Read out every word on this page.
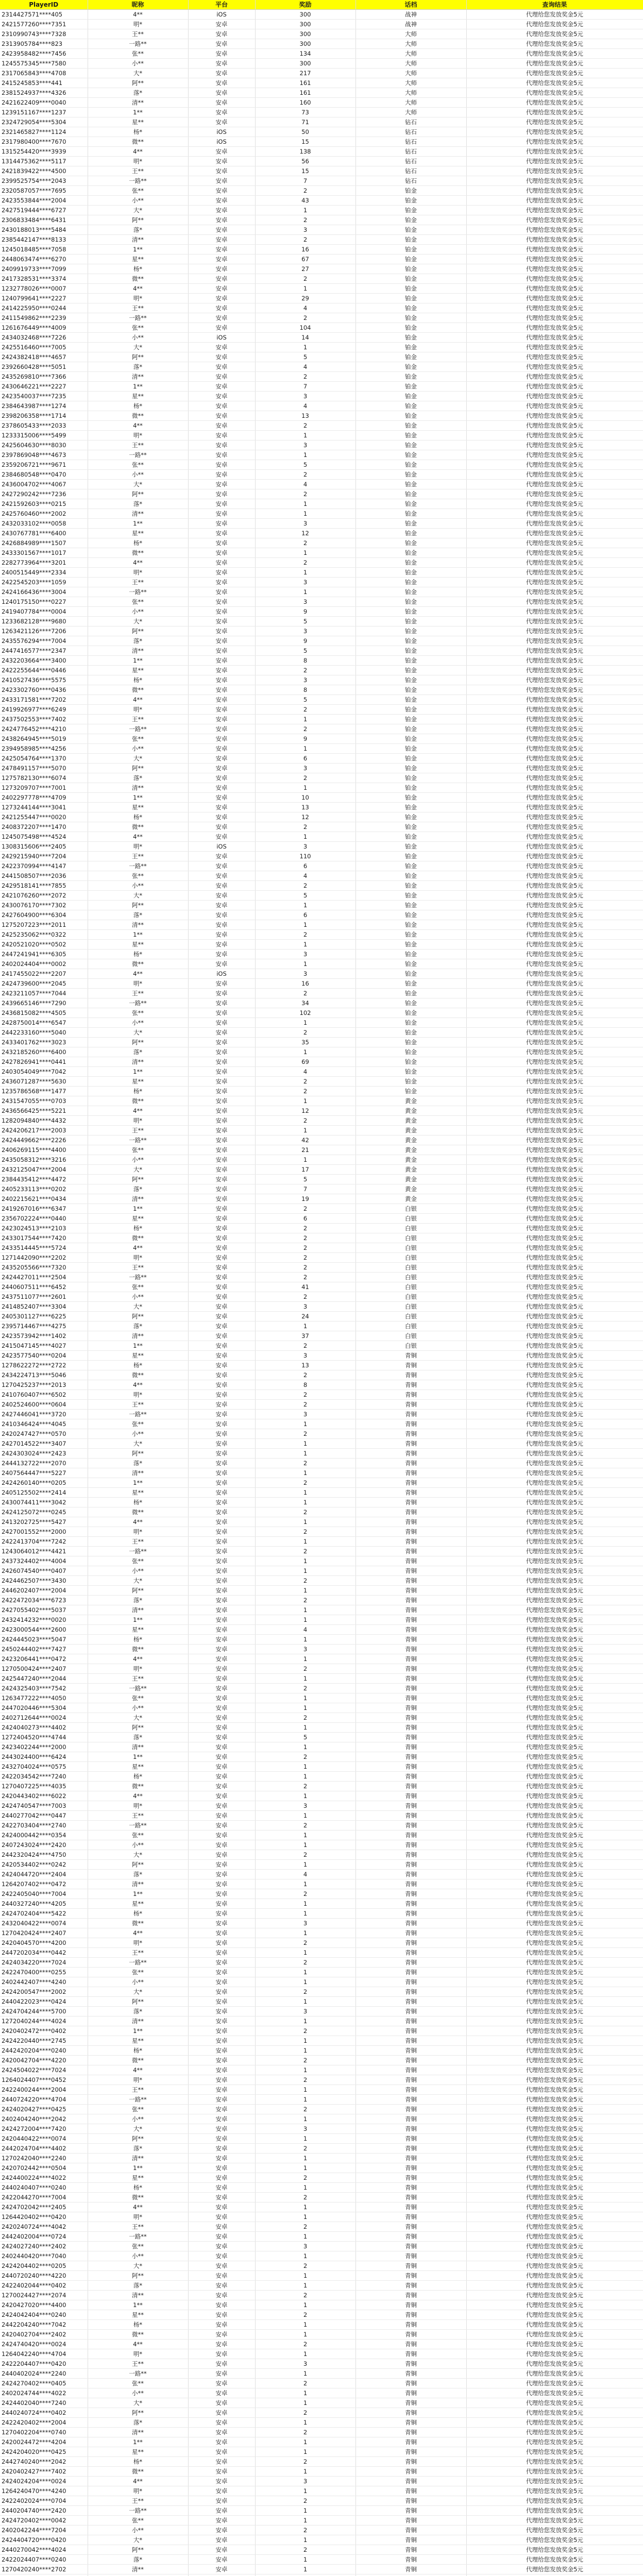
PlayerID	昵称	平台	奖励	话档	查询结果
2314427571****405	4**	iOS	300	战神	代理给您发放奖金5元
2421577260****7351	明*	安卓	300	战神	代理给您发放奖金5元
2310990743****7328	王**	安卓	300	大师	代理给您发放奖金5元
2313905784****823	一路**	安卓	300	大师	代理给您发放奖金5元
2423958482****7456	张**	安卓	134	大师	代理给您发放奖金5元
1245575345****7580	小**	安卓	300	大师	代理给您发放奖金5元
2317065843****4708	大*	安卓	217	大师	代理给您发放奖金5元
2415245853****441	阿**	安卓	161	大师	代理给您发放奖金5元
2381524937****4326	落*	安卓	161	大师	代理给您发放奖金5元
2421622409****0040	清**	安卓	160	大师	代理给您发放奖金5元
1239151167****1237	1**	安卓	73	大师	代理给您发放奖金5元
2324729054****5304	星**	安卓	71	钻石	代理给您发放奖金5元
2321465827****1124	杨*	iOS	50	钻石	代理给您发放奖金5元
2317980400****7670	微**	iOS	15	钻石	代理给您发放奖金5元
1315254420****3939	4**	安卓	138	钻石	代理给您发放奖金5元
1314475362****5117	明*	安卓	56	钻石	代理给您发放奖金5元
2421839422****4500	王**	安卓	15	钻石	代理给您发放奖金5元
2399525754****2043	一路**	安卓	7	钻石	代理给您发放奖金5元
2320587057****7695	张**	安卓	2	铂金	代理给您发放奖金5元
2423553844****2004	小**	安卓	43	铂金	代理给您发放奖金5元
2427519444****6727	大*	安卓	1	铂金	代理给您发放奖金5元
2306833484****6431	阿**	安卓	2	铂金	代理给您发放奖金5元
2430188013****5484	落*	安卓	3	铂金	代理给您发放奖金5元
2385442147****8133	清**	安卓	2	铂金	代理给您发放奖金5元
1245018485****7058	1**	安卓	16	铂金	代理给您发放奖金5元
2448063474****6270	星**	安卓	67	铂金	代理给您发放奖金5元
2409919733****7099	杨*	安卓	27	铂金	代理给您发放奖金5元
2417328531****3374	微**	安卓	2	铂金	代理给您发放奖金5元
1232778026****0007	4**	安卓	1	铂金	代理给您发放奖金5元
1240799641****2227	明*	安卓	29	铂金	代理给您发放奖金5元
2414225950****0244	王**	安卓	4	铂金	代理给您发放奖金5元
2411549862****2239	一路**	安卓	2	铂金	代理给您发放奖金5元
1261676449****4009	张**	安卓	104	铂金	代理给您发放奖金5元
2434032468****7226	小**	iOS	14	铂金	代理给您发放奖金5元
2425516460****7005	大*	安卓	1	铂金	代理给您发放奖金5元
2424382418****4657	阿**	安卓	5	铂金	代理给您发放奖金5元
2392660428****5051	落*	安卓	4	铂金	代理给您发放奖金5元
2435269810****7366	清**	安卓	2	铂金	代理给您发放奖金5元
2430646221****2227	1**	安卓	7	铂金	代理给您发放奖金5元
2423540037****7235	星**	安卓	3	铂金	代理给您发放奖金5元
2384643987****1274	杨*	安卓	4	铂金	代理给您发放奖金5元
2398206358****1714	微**	安卓	13	铂金	代理给您发放奖金5元
2378605433****2033	4**	安卓	2	铂金	代理给您发放奖金5元
1233315006****5499	明*	安卓	1	铂金	代理给您发放奖金5元
2425604630****8030	王**	安卓	3	铂金	代理给您发放奖金5元
2397869048****4673	一路**	安卓	1	铂金	代理给您发放奖金5元
2359206721****9671	张**	安卓	5	铂金	代理给您发放奖金5元
2384680548****0470	小**	安卓	2	铂金	代理给您发放奖金5元
2436004702****4067	大*	安卓	4	铂金	代理给您发放奖金5元
2427290242****7236	阿**	安卓	2	铂金	代理给您发放奖金5元
2421592603****0215	落*	安卓	1	铂金	代理给您发放奖金5元
2425760460****2002	清**	安卓	1	铂金	代理给您发放奖金5元
2432033102****0058	1**	安卓	3	铂金	代理给您发放奖金5元
2430767781****6400	星**	安卓	12	铂金	代理给您发放奖金5元
2426884989****1507	杨*	安卓	2	铂金	代理给您发放奖金5元
2433301567****1017	微**	安卓	1	铂金	代理给您发放奖金5元
2282773964****3201	4**	安卓	2	铂金	代理给您发放奖金5元
2400515449****2334	明*	安卓	1	铂金	代理给您发放奖金5元
2422545203****1059	王**	安卓	3	铂金	代理给您发放奖金5元
2424166436****3004	一路**	安卓	1	铂金	代理给您发放奖金5元
1240175150****0227	张**	安卓	3	铂金	代理给您发放奖金5元
2419407784****0004	小**	安卓	9	铂金	代理给您发放奖金5元
1233682128****9680	大*	安卓	5	铂金	代理给您发放奖金5元
1263421126****7206	阿**	安卓	3	铂金	代理给您发放奖金5元
2435576294****7004	落*	安卓	9	铂金	代理给您发放奖金5元
2447416577****2347	清**	安卓	5	铂金	代理给您发放奖金5元
2432203664****3400	1**	安卓	8	铂金	代理给您发放奖金5元
2422255644****0446	星**	安卓	2	铂金	代理给您发放奖金5元
2410527436****5575	杨*	安卓	3	铂金	代理给您发放奖金5元
2423302760****0436	微**	安卓	8	铂金	代理给您发放奖金5元
2433171581****7202	4**	安卓	5	铂金	代理给您发放奖金5元
2419926977****6249	明*	安卓	2	铂金	代理给您发放奖金5元
2437502553****7402	王**	安卓	1	铂金	代理给您发放奖金5元
2424776452****4210	一路**	安卓	2	铂金	代理给您发放奖金5元
2438264945****5019	张**	安卓	9	铂金	代理给您发放奖金5元
2394958985****4256	小**	安卓	1	铂金	代理给您发放奖金5元
2425054764****1370	大*	安卓	6	铂金	代理给您发放奖金5元
2478491157****5070	阿**	安卓	3	铂金	代理给您发放奖金5元
1275782130****6074	落*	安卓	2	铂金	代理给您发放奖金5元
1273209707****7001	清**	安卓	1	铂金	代理给您发放奖金5元
2402297778****4709	1**	安卓	10	铂金	代理给您发放奖金5元
1273244144****3041	星**	安卓	13	铂金	代理给您发放奖金5元
2421255447****0020	杨*	安卓	12	铂金	代理给您发放奖金5元
2408372207****1470	微**	安卓	2	铂金	代理给您发放奖金5元
1245075498****4524	4**	安卓	1	铂金	代理给您发放奖金5元
1308315606****2405	明*	iOS	3	铂金	代理给您发放奖金5元
2429215940****7204	王**	安卓	110	铂金	代理给您发放奖金5元
2422370994****4147	一路**	安卓	6	铂金	代理给您发放奖金5元
2441508507****2036	张**	安卓	4	铂金	代理给您发放奖金5元
2429518141****7855	小**	安卓	2	铂金	代理给您发放奖金5元
2421076260****2072	大*	安卓	5	铂金	代理给您发放奖金5元
2430076170****7302	阿**	安卓	1	铂金	代理给您发放奖金5元
2427604900****6304	落*	安卓	6	铂金	代理给您发放奖金5元
1275207223****2011	清**	安卓	1	铂金	代理给您发放奖金5元
2425235062****0322	1**	安卓	2	铂金	代理给您发放奖金5元
2420521020****0502	星**	安卓	1	铂金	代理给您发放奖金5元
2447241941****6305	杨*	安卓	3	铂金	代理给您发放奖金5元
2402024404****0002	微**	安卓	1	铂金	代理给您发放奖金5元
2417455022****2207	4**	iOS	3	铂金	代理给您发放奖金5元
2424739600****2045	明*	安卓	16	铂金	代理给您发放奖金5元
2423211057****7044	王**	安卓	2	铂金	代理给您发放奖金5元
2439665146****7290	一路**	安卓	34	铂金	代理给您发放奖金5元
2436815082****4505	张**	安卓	102	铂金	代理给您发放奖金5元
2428750014****6547	小**	安卓	1	铂金	代理给您发放奖金5元
2442233160****5040	大*	安卓	2	铂金	代理给您发放奖金5元
2433401762****3023	阿**	安卓	35	铂金	代理给您发放奖金5元
2432185260****6400	落*	安卓	1	铂金	代理给您发放奖金5元
2427826941****0441	清**	安卓	69	铂金	代理给您发放奖金5元
2403054049****7042	1**	安卓	4	铂金	代理给您发放奖金5元
2436071287****5630	星**	安卓	2	铂金	代理给您发放奖金5元
1235786568****1477	杨*	安卓	2	铂金	代理给您发放奖金5元
2431547055****0703	微**	安卓	1	黄金	代理给您发放奖金5元
2436566425****5221	4**	安卓	12	黄金	代理给您发放奖金5元
1282094840****4432	明*	安卓	2	黄金	代理给您发放奖金5元
2424206217****2003	王**	安卓	1	黄金	代理给您发放奖金5元
2424449662****2226	一路**	安卓	42	黄金	代理给您发放奖金5元
2406269115****4400	张**	安卓	21	黄金	代理给您发放奖金5元
2435058312****3216	小**	安卓	1	黄金	代理给您发放奖金5元
2432125047****2004	大*	安卓	17	黄金	代理给您发放奖金5元
2384435412****4472	阿**	安卓	5	黄金	代理给您发放奖金5元
2405233113****0202	落*	安卓	7	黄金	代理给您发放奖金5元
2402215621****0434	清**	安卓	19	黄金	代理给您发放奖金5元
2419267016****6347	1**	安卓	2	白银	代理给您发放奖金5元
2356702224****0440	星**	安卓	6	白银	代理给您发放奖金5元
2423024513****2103	杨*	安卓	2	白银	代理给您发放奖金5元
2433017544****7420	微**	安卓	2	白银	代理给您发放奖金5元
2433514445****5724	4**	安卓	2	白银	代理给您发放奖金5元
1271442090****2202	明*	安卓	2	白银	代理给您发放奖金5元
2435205566****7320	王**	安卓	2	白银	代理给您发放奖金5元
2424427011****2504	一路**	安卓	2	白银	代理给您发放奖金5元
2440607511****6452	张**	安卓	41	白银	代理给您发放奖金5元
2437511077****2601	小**	安卓	2	白银	代理给您发放奖金5元
2414852407****3304	大*	安卓	3	白银	代理给您发放奖金5元
2405301127****6225	阿**	安卓	24	白银	代理给您发放奖金5元
2395714467****4275	落*	安卓	1	白银	代理给您发放奖金5元
2423573942****1402	清**	安卓	37	白银	代理给您发放奖金5元
2415047145****4027	1**	安卓	2	白银	代理给您发放奖金5元
2423577540****0204	星**	安卓	3	青铜	代理给您发放奖金5元
1278622272****2722	杨*	安卓	13	青铜	代理给您发放奖金5元
2434224713****5046	微**	安卓	2	青铜	代理给您发放奖金5元
1270425237****2013	4**	安卓	8	青铜	代理给您发放奖金5元
2410760407****6502	明*	安卓	2	青铜	代理给您发放奖金5元
2402524600****0604	王**	安卓	2	青铜	代理给您发放奖金5元
2427446041****3720	一路**	安卓	3	青铜	代理给您发放奖金5元
2410346424****4045	张**	安卓	1	青铜	代理给您发放奖金5元
2420247427****0570	小**	安卓	2	青铜	代理给您发放奖金5元
2427014522****3407	大*	安卓	1	青铜	代理给您发放奖金5元
2424303024****2423	阿**	安卓	1	青铜	代理给您发放奖金5元
2444132722****2070	落*	安卓	2	青铜	代理给您发放奖金5元
2407564447****5227	清**	安卓	1	青铜	代理给您发放奖金5元
2424260140****0205	1**	安卓	2	青铜	代理给您发放奖金5元
2405125502****2414	星**	安卓	1	青铜	代理给您发放奖金5元
2430074411****3042	杨*	安卓	1	青铜	代理给您发放奖金5元
2424125072****0245	微**	安卓	2	青铜	代理给您发放奖金5元
2413202725****5427	4**	安卓	1	青铜	代理给您发放奖金5元
2427001552****2000	明*	安卓	2	青铜	代理给您发放奖金5元
2422413704****7242	王**	安卓	1	青铜	代理给您发放奖金5元
1243064012****4421	一路**	安卓	2	青铜	代理给您发放奖金5元
2437324402****4004	张**	安卓	1	青铜	代理给您发放奖金5元
2426074540****0407	小**	安卓	1	青铜	代理给您发放奖金5元
2424462507****3430	大*	安卓	2	青铜	代理给您发放奖金5元
2446202407****2004	阿**	安卓	1	青铜	代理给您发放奖金5元
2422472034****6723	落*	安卓	2	青铜	代理给您发放奖金5元
2427055402****5037	清**	安卓	1	青铜	代理给您发放奖金5元
2432414232****0020	1**	安卓	1	青铜	代理给您发放奖金5元
2423000544****2600	星**	安卓	4	青铜	代理给您发放奖金5元
2424445023****5047	杨*	安卓	1	青铜	代理给您发放奖金5元
2450244402****7427	微**	安卓	3	青铜	代理给您发放奖金5元
2423206441****0472	4**	安卓	1	青铜	代理给您发放奖金5元
1270500424****2407	明*	安卓	2	青铜	代理给您发放奖金5元
2425447240****2044	王**	安卓	1	青铜	代理给您发放奖金5元
2424325403****7542	一路**	安卓	2	青铜	代理给您发放奖金5元
1263477222****4050	张**	安卓	1	青铜	代理给您发放奖金5元
2447020446****5304	小**	安卓	1	青铜	代理给您发放奖金5元
2402712644****0024	大*	安卓	2	青铜	代理给您发放奖金5元
2424040273****4402	阿**	安卓	1	青铜	代理给您发放奖金5元
1272404520****4744	落*	安卓	5	青铜	代理给您发放奖金5元
2423402244****2000	清**	安卓	1	青铜	代理给您发放奖金5元
2443024400****6424	1**	安卓	2	青铜	代理给您发放奖金5元
2432704024****0575	星**	安卓	1	青铜	代理给您发放奖金5元
2422034542****7240	杨*	安卓	1	青铜	代理给您发放奖金5元
1270407225****4035	微**	安卓	2	青铜	代理给您发放奖金5元
2420443402****6022	4**	安卓	1	青铜	代理给您发放奖金5元
2424740547****7003	明*	安卓	3	青铜	代理给您发放奖金5元
2440277042****0447	王**	安卓	1	青铜	代理给您发放奖金5元
2422703404****2740	一路**	安卓	2	青铜	代理给您发放奖金5元
2424000442****0354	张**	安卓	1	青铜	代理给您发放奖金5元
2407243024****2420	小**	安卓	1	青铜	代理给您发放奖金5元
2442320424****4750	大*	安卓	2	青铜	代理给您发放奖金5元
2420534402****0242	阿**	安卓	1	青铜	代理给您发放奖金5元
2424044720****2404	落*	安卓	4	青铜	代理给您发放奖金5元
1264207402****0472	清**	安卓	1	青铜	代理给您发放奖金5元
2422405040****7004	1**	安卓	2	青铜	代理给您发放奖金5元
2440327240****4205	星**	安卓	1	青铜	代理给您发放奖金5元
2424702404****5422	杨*	安卓	1	青铜	代理给您发放奖金5元
2432040422****0074	微**	安卓	3	青铜	代理给您发放奖金5元
1270420424****2407	4**	安卓	1	青铜	代理给您发放奖金5元
2420404570****4200	明*	安卓	2	青铜	代理给您发放奖金5元
2447202034****0442	王**	安卓	1	青铜	代理给您发放奖金5元
2424034220****7024	一路**	安卓	2	青铜	代理给您发放奖金5元
2422470400****0255	张**	安卓	1	青铜	代理给您发放奖金5元
2402442407****4240	小**	安卓	1	青铜	代理给您发放奖金5元
2424200547****2002	大*	安卓	2	青铜	代理给您发放奖金5元
2440422023****0424	阿**	安卓	1	青铜	代理给您发放奖金5元
2424704244****5700	落*	安卓	3	青铜	代理给您发放奖金5元
1272040244****4024	清**	安卓	1	青铜	代理给您发放奖金5元
2420402472****0402	1**	安卓	2	青铜	代理给您发放奖金5元
2424220440****2745	星**	安卓	1	青铜	代理给您发放奖金5元
2442420204****0240	杨*	安卓	1	青铜	代理给您发放奖金5元
2420042704****4220	微**	安卓	2	青铜	代理给您发放奖金5元
2424504022****7024	4**	安卓	1	青铜	代理给您发放奖金5元
1264024407****0452	明*	安卓	2	青铜	代理给您发放奖金5元
2422400244****2004	王**	安卓	1	青铜	代理给您发放奖金5元
2440724220****4704	一路**	安卓	1	青铜	代理给您发放奖金5元
2424020427****0425	张**	安卓	2	青铜	代理给您发放奖金5元
2402404240****2042	小**	安卓	1	青铜	代理给您发放奖金5元
2424272004****7420	大*	安卓	3	青铜	代理给您发放奖金5元
2420440422****0074	阿**	安卓	1	青铜	代理给您发放奖金5元
2442024704****4402	落*	安卓	2	青铜	代理给您发放奖金5元
1270242040****2240	清**	安卓	1	青铜	代理给您发放奖金5元
2420702442****0504	1**	安卓	1	青铜	代理给您发放奖金5元
2424400224****4022	星**	安卓	2	青铜	代理给您发放奖金5元
2440240407****0240	杨*	安卓	1	青铜	代理给您发放奖金5元
2422044270****7004	微**	安卓	2	青铜	代理给您发放奖金5元
2424702042****2405	4**	安卓	1	青铜	代理给您发放奖金5元
1264420402****0420	明*	安卓	1	青铜	代理给您发放奖金5元
2420240724****4042	王**	安卓	2	青铜	代理给您发放奖金5元
2442402004****0724	一路**	安卓	1	青铜	代理给您发放奖金5元
2424027240****2402	张**	安卓	3	青铜	代理给您发放奖金5元
2402440420****7040	小**	安卓	1	青铜	代理给您发放奖金5元
2424204402****0205	大*	安卓	2	青铜	代理给您发放奖金5元
2440720240****4220	阿**	安卓	1	青铜	代理给您发放奖金5元
2422402044****0402	落*	安卓	1	青铜	代理给您发放奖金5元
1270024427****2074	清**	安卓	2	青铜	代理给您发放奖金5元
2420427020****4400	1**	安卓	1	青铜	代理给您发放奖金5元
2424042404****0240	星**	安卓	2	青铜	代理给您发放奖金5元
2442204240****7042	杨*	安卓	1	青铜	代理给您发放奖金5元
2420402704****2402	微**	安卓	1	青铜	代理给您发放奖金5元
2424740420****0024	4**	安卓	2	青铜	代理给您发放奖金5元
1264042240****4704	明*	安卓	1	青铜	代理给您发放奖金5元
2422204407****0420	王**	安卓	3	青铜	代理给您发放奖金5元
2440402024****2240	一路**	安卓	1	青铜	代理给您发放奖金5元
2424270402****0405	张**	安卓	2	青铜	代理给您发放奖金5元
2402024744****4022	小**	安卓	1	青铜	代理给您发放奖金5元
2424402040****7240	大*	安卓	1	青铜	代理给您发放奖金5元
2440240724****0402	阿**	安卓	2	青铜	代理给您发放奖金5元
2422420402****2004	落*	安卓	1	青铜	代理给您发放奖金5元
1270402204****0740	清**	安卓	2	青铜	代理给您发放奖金5元
2420024472****4204	1**	安卓	1	青铜	代理给您发放奖金5元
2424204020****0425	星**	安卓	1	青铜	代理给您发放奖金5元
2442740240****2042	杨*	安卓	2	青铜	代理给您发放奖金5元
2420402427****7402	微**	安卓	1	青铜	代理给您发放奖金5元
2424024204****0024	4**	安卓	3	青铜	代理给您发放奖金5元
1264240470****4240	明*	安卓	1	青铜	代理给您发放奖金5元
2422402024****0704	王**	安卓	2	青铜	代理给您发放奖金5元
2440204740****2420	一路**	安卓	1	青铜	代理给您发放奖金5元
2424720402****0042	张**	安卓	1	青铜	代理给您发放奖金5元
2402042244****7204	小**	安卓	2	青铜	代理给您发放奖金5元
2424404720****0420	大*	安卓	1	青铜	代理给您发放奖金5元
2440270042****4024	阿**	安卓	2	青铜	代理给您发放奖金5元
2422024407****0240	落*	安卓	1	青铜	代理给您发放奖金5元
1270420240****2702	清**	安卓	1	青铜	代理给您发放奖金5元
